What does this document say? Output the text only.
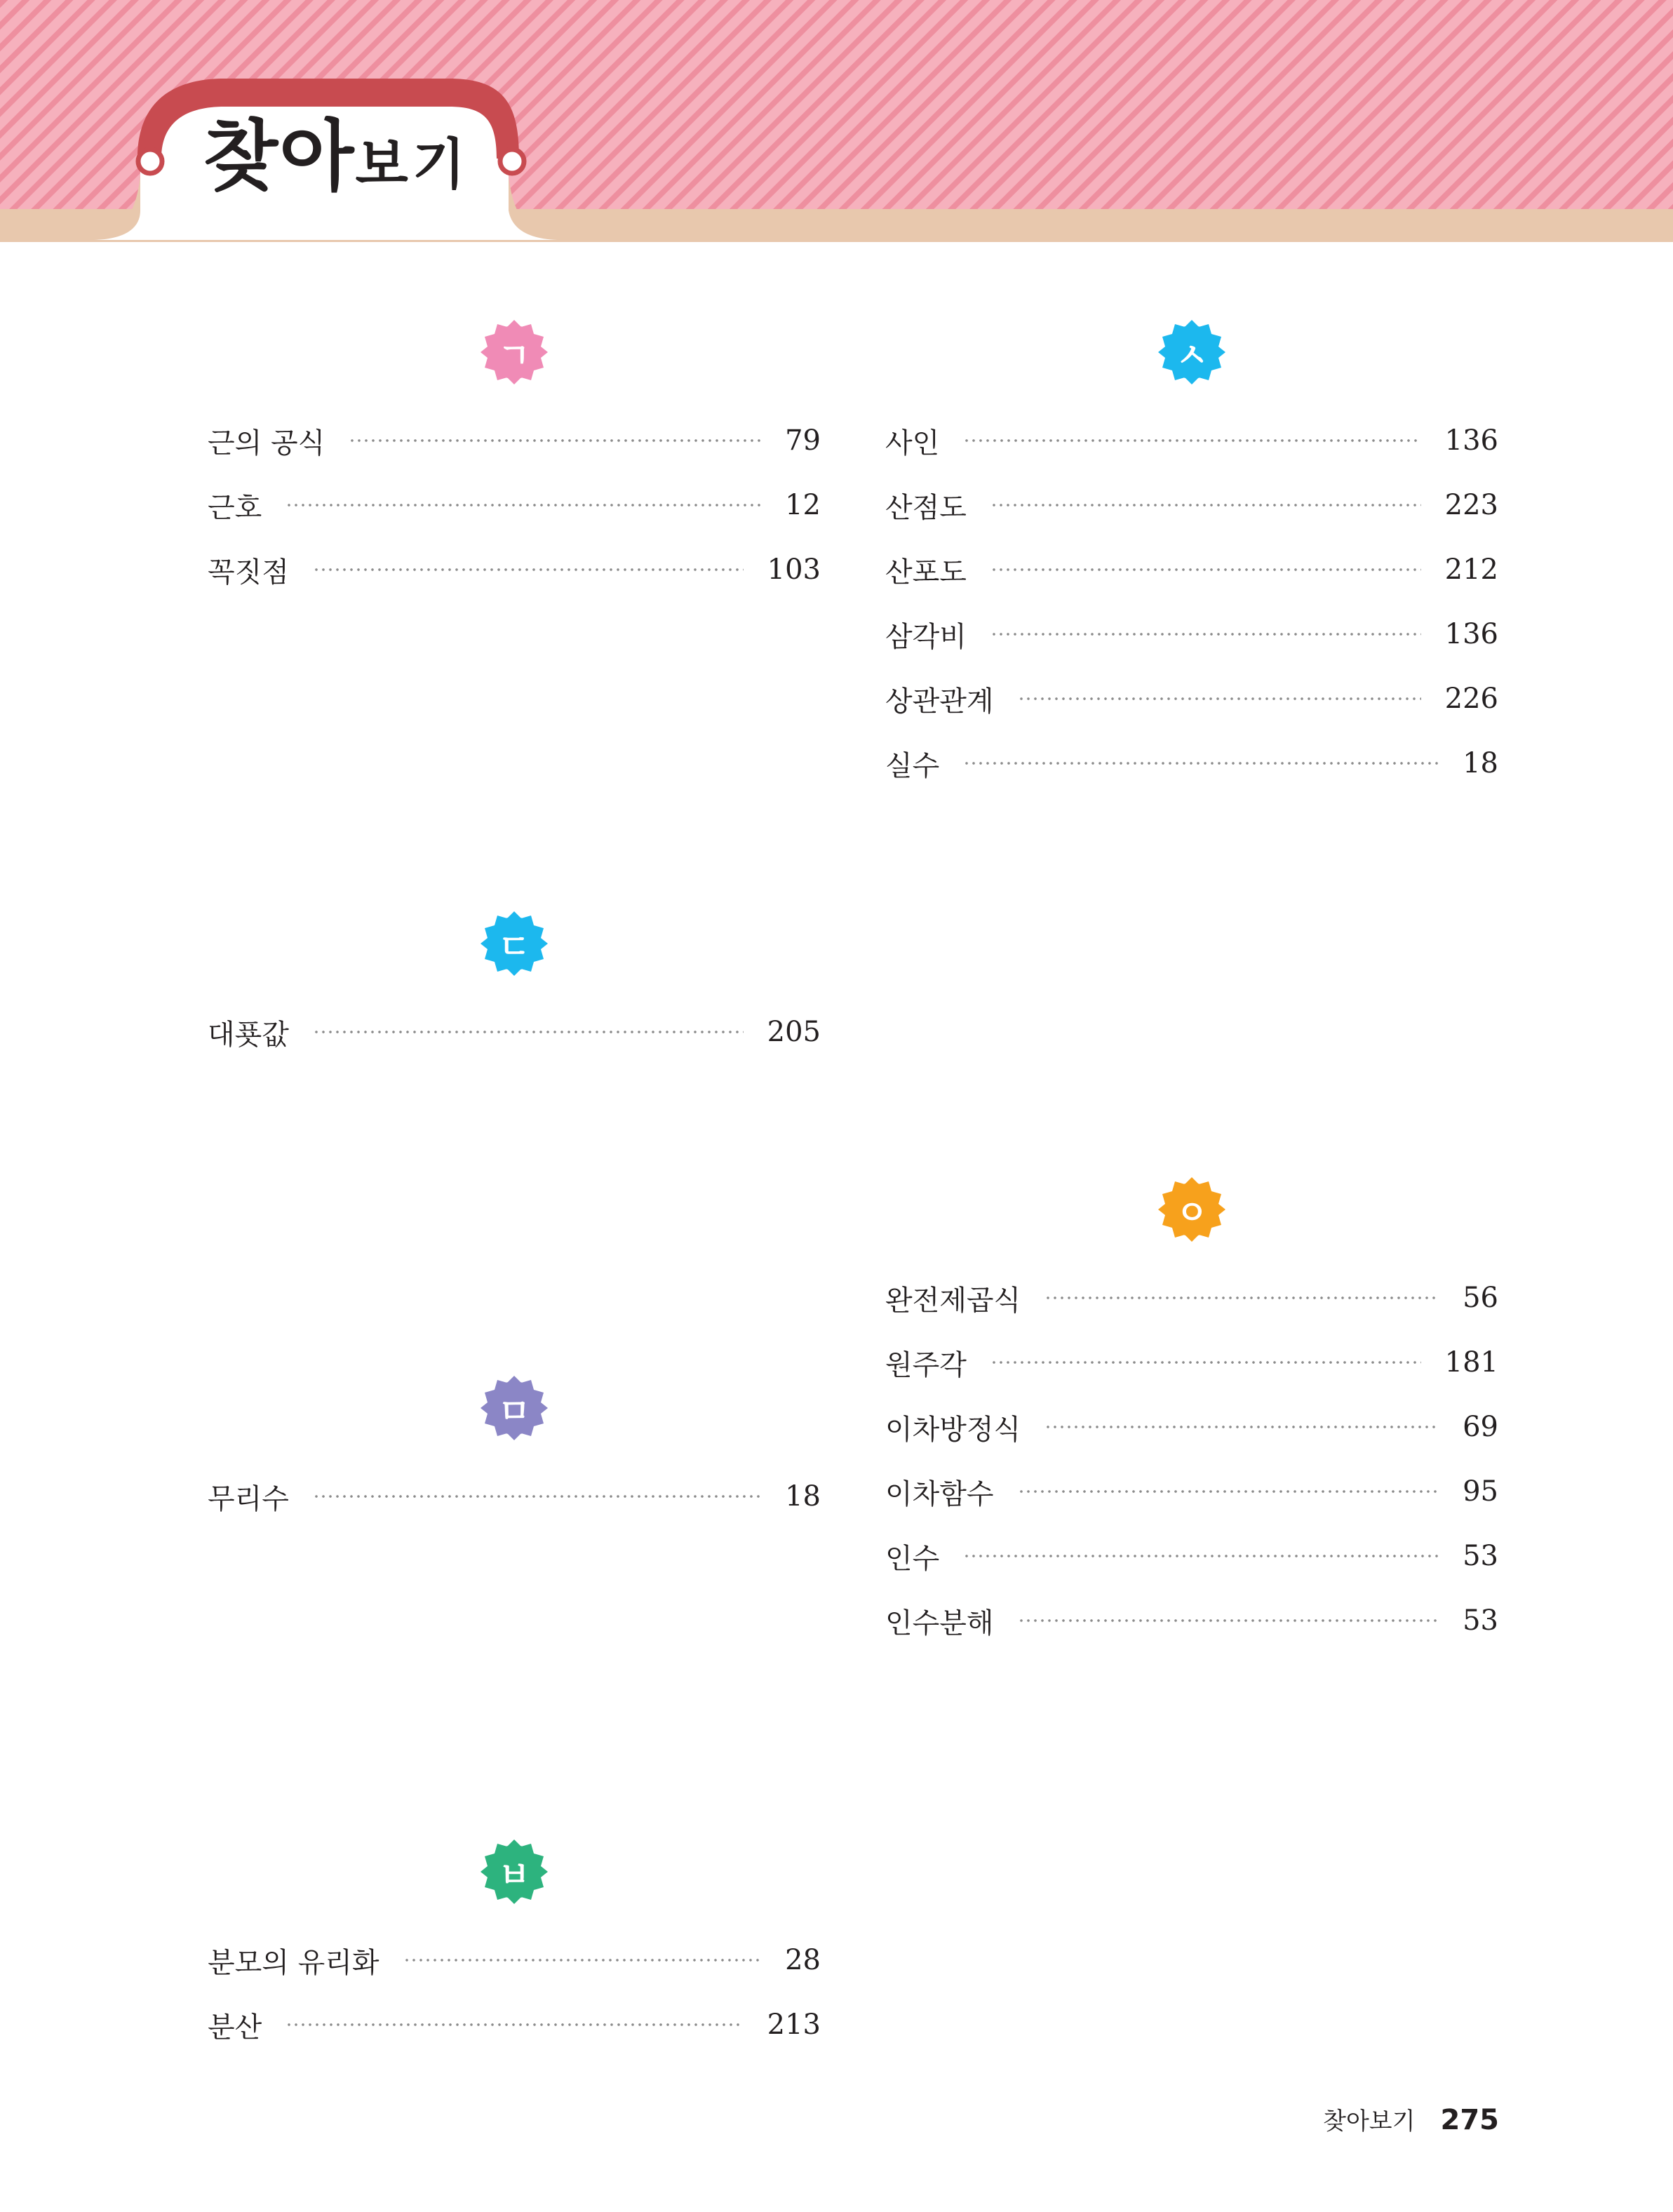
찾아보기
ㄱ
근의 공식	79
근호	12
꼭짓점	103
ㄷ
대푯값	205
ㅁ
무리수	18
ㅂ
분모의 유리화	28
분산	213
ㅅ
사인	136
산점도	223
산포도	212
삼각비	136
상관관계	226
실수	18
ㅇ
완전제곱식	56
원주각	181
이차방정식	69
이차함수	95
인수	53
인수분해	53
찾아보기 275
